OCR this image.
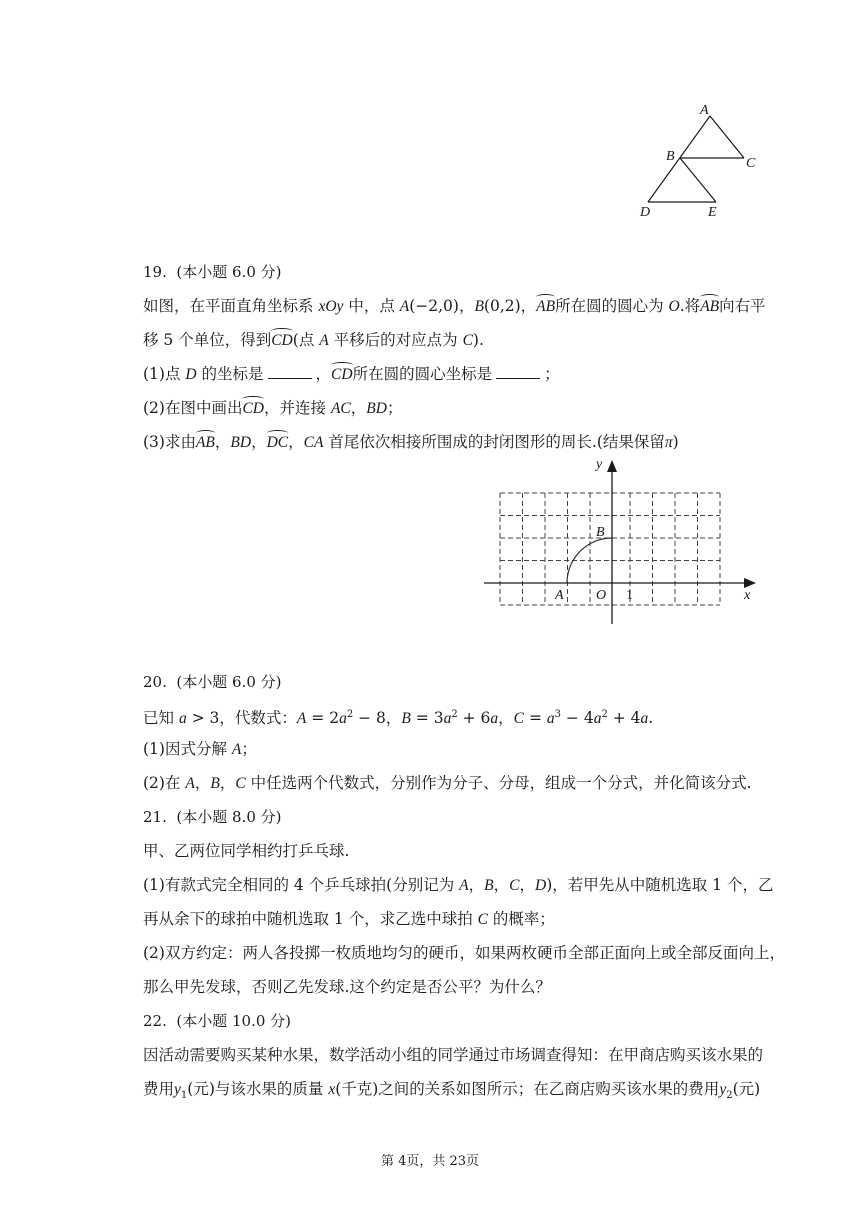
A
B	C
D	E
19.  (本小题 6.0 分)
如图，在平面直角坐标系 xOy 中，点 A(−2,0)，B(0,2)，AB所在圆的圆心为 O.将AB向右平
移 5 个单位，得到CD(点 A 平移后的对应点为 C).
(1)点 D 的坐标是	，CD所在圆的圆心坐标是	；
(2)在图中画出CD，并连接 AC，BD；
(3)求由AB，BD，DC，CA 首尾依次相接所围成的封闭图形的周长.(结果保留π)
y
x
B
A O 1
20.  (本小题 6.0 分)
已知 a > 3，代数式：$A = 2a^2 - 8$，$B = 3a^2 + 6a$，$C = a^3 - 4a^2 + 4a$.
(1)因式分解 A；
(2)在 A，B，C 中任选两个代数式，分别作为分子、分母，组成一个分式，并化简该分式.
21.  (本小题 8.0 分)
甲、乙两位同学相约打乒乓球.
(1)有款式完全相同的 4 个乒乓球拍(分别记为 A，B，C，D)，若甲先从中随机选取 1 个，乙
再从余下的球拍中随机选取 1 个，求乙选中球拍 C 的概率；
(2)双方约定：两人各投掷一枚质地均匀的硬币，如果两枚硬币全部正面向上或全部反面向上，
那么甲先发球，否则乙先发球.这个约定是否公平？为什么？
22.  (本小题 10.0 分)
因活动需要购买某种水果，数学活动小组的同学通过市场调查得知：在甲商店购买该水果的
费用$y_1$(元)与该水果的质量 x(千克)之间的关系如图所示；在乙商店购买该水果的费用$y_2$(元)
第 4页，共 23页
